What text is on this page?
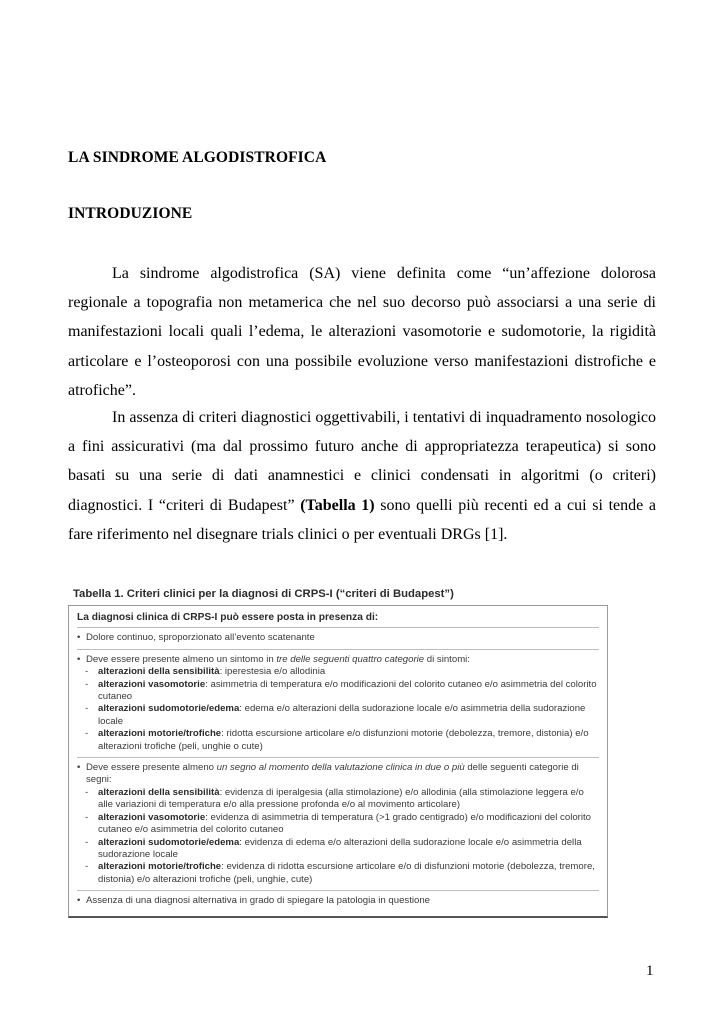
LA SINDROME ALGODISTROFICA
INTRODUZIONE

La sindrome algodistrofica (SA) viene definita come “un’affezione dolorosa regionale a topografia non metamerica che nel suo decorso può associarsi a una serie di manifestazioni locali quali l’edema, le alterazioni vasomotorie e sudomotorie, la rigidità articolare e l’osteoporosi con una possibile evoluzione verso manifestazioni distrofiche e atrofiche”.

In assenza di criteri diagnostici oggettivabili, i tentativi di inquadramento nosologico a fini assicurativi (ma dal prossimo futuro anche di appropriatezza terapeutica) si sono basati su una serie di dati anamnestici e clinici condensati in algoritmi (o criteri) diagnostici. I “criteri di Budapest” (Tabella 1) sono quelli più recenti ed a cui si tende a fare riferimento nel disegnare trials clinici o per eventuali DRGs [1].

Tabella 1. Criteri clinici per la diagnosi di CRPS-I (“criteri di Budapest”)
La diagnosi clinica di CRPS-I può essere posta in presenza di:
• Dolore continuo, sproporzionato all’evento scatenante
• Deve essere presente almeno un sintomo in tre delle seguenti quattro categorie di sintomi:
- alterazioni della sensibilità: iperestesia e/o allodinia
- alterazioni vasomotorie: asimmetria di temperatura e/o modificazioni del colorito cutaneo e/o asimmetria del colorito cutaneo
- alterazioni sudomotorie/edema: edema e/o alterazioni della sudorazione locale e/o asimmetria della sudorazione locale
- alterazioni motorie/trofiche: ridotta escursione articolare e/o disfunzioni motorie (debolezza, tremore, distonia) e/o alterazioni trofiche (peli, unghie o cute)
• Deve essere presente almeno un segno al momento della valutazione clinica in due o più delle seguenti categorie di segni:
- alterazioni della sensibilità: evidenza di iperalgesia (alla stimolazione) e/o allodinia (alla stimolazione leggera e/o alle variazioni di temperatura e/o alla pressione profonda e/o al movimento articolare)
- alterazioni vasomotorie: evidenza di asimmetria di temperatura (>1 grado centigrado) e/o modificazioni del colorito cutaneo e/o asimmetria del colorito cutaneo
- alterazioni sudomotorie/edema: evidenza di edema e/o alterazioni della sudorazione locale e/o asimmetria della sudorazione locale
- alterazioni motorie/trofiche: evidenza di ridotta escursione articolare e/o di disfunzioni motorie (debolezza, tremore, distonia) e/o alterazioni trofiche (peli, unghie, cute)
• Assenza di una diagnosi alternativa in grado di spiegare la patologia in questione
1
